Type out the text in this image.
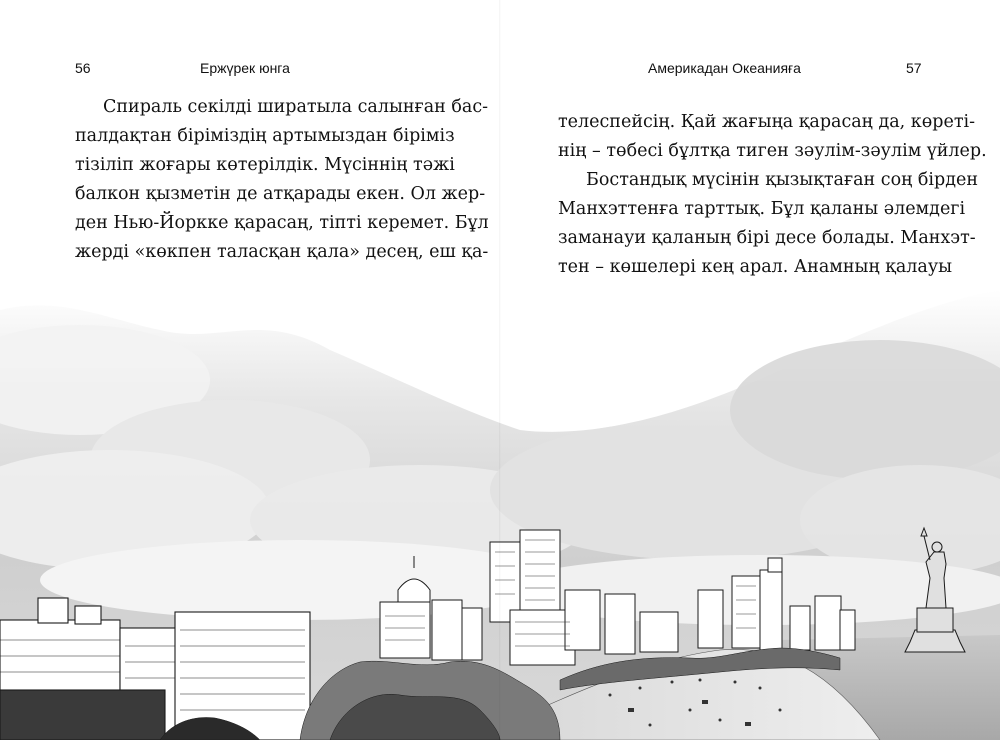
56	Ержүрек юнга
Спираль секілді ширатыла салынған бас-
палдақтан біріміздің артымыздан біріміз
тізіліп жоғары көтерілдік. Мүсіннің тәжі
балкон қызметін де атқарады екен. Ол жер-
ден Нью-Йоркке қарасаң, тіпті керемет. Бұл
жерді «көкпен таласқан қала» десең, еш қа-
Америкадан Океанияға	57
телеспейсің. Қай жағыңа қарасаң да, көреті-
нің – төбесі бұлтқа тиген зәулім-зәулім үйлер.
Бостандық мүсінін қызықтаған соң бірден
Манхэттенға тарттық. Бұл қаланы әлемдегі
заманауи қаланың бірі десе болады. Манхэт-
тен – көшелері кең арал. Анамның қалауы
